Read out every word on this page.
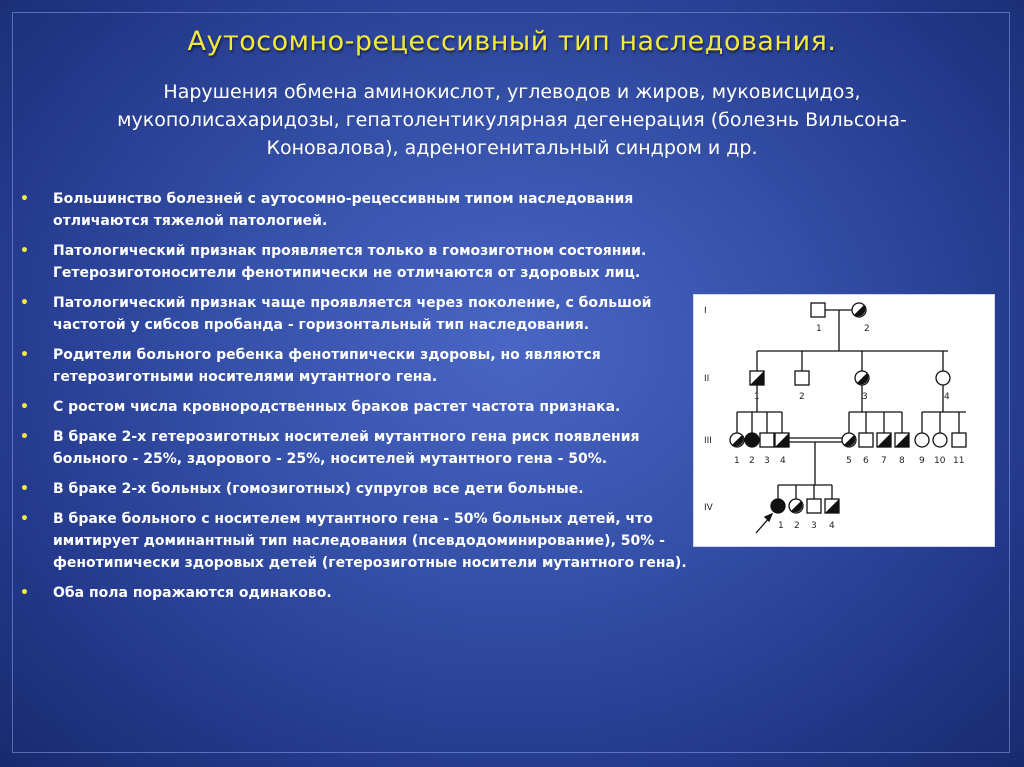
Аутосомно-рецессивный тип наследования.

Нарушения обмена аминокислот, углеводов и жиров, муковисцидоз, мукополисахаридозы, гепатолентикулярная дегенерация (болезнь Вильсона-Коновалова), адреногенитальный синдром и др.

• Большинство болезней с аутосомно-рецессивным типом наследования отличаются тяжелой патологией.
• Патологический признак проявляется только в гомозиготном состоянии. Гетерозиготоносители фенотипически не отличаются от здоровых лиц.
• Патологический признак чаще проявляется через поколение, с большой частотой у сибсов пробанда - горизонтальный тип наследования.
• Родители больного ребенка фенотипически здоровы, но являются гетерозиготными носителями мутантного гена.
• С ростом числа кровнородственных браков растет частота признака.
• В браке 2-х гетерозиготных носителей мутантного гена риск появления больного - 25%, здорового - 25%, носителей мутантного гена - 50%.
• В браке 2-х больных (гомозиготных) супругов все дети больные.
• В браке больного с носителем мутантного гена - 50% больных детей, что имитирует доминантный тип наследования (псевдодоминирование), 50% - фенотипически здоровых детей (гетерозиготные носители мутантного гена).
• Оба пола поражаются одинаково.
I
II
III
IV
1	2
1	2	3	4
1 2 3 4	5 6 7 8 9 10 11
1 2 3 4
